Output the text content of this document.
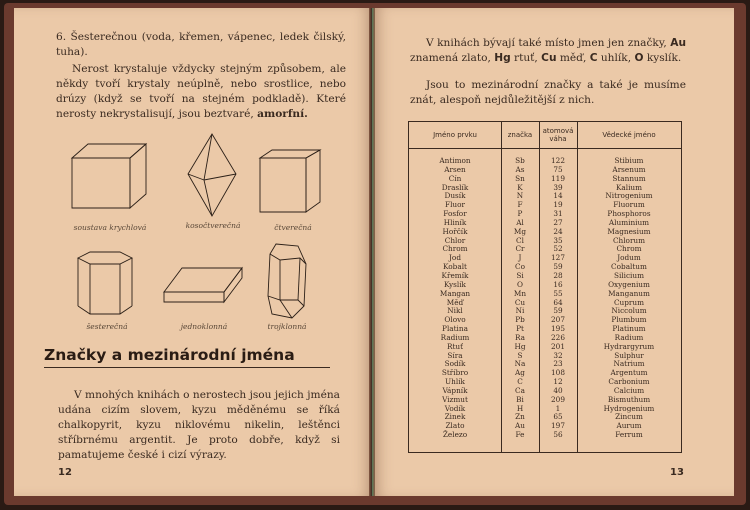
6. Šesterečnou (voda, křemen, vápenec, ledek čilský, tuha).

Nerost krystaluje vždycky stejným způsobem, ale někdy tvoří krystaly neúplně, nebo srostlice, nebo drúzy (když se tvoří na stejném podkladě). Které nerosty nekrystalisují, jsou beztvaré, amorfní.

soustava krychlová	kosočtverečná	čtverečná
šesterečná	jednoklonná	trojklonná
Značky a mezinárodní jména

V mnohých knihách o nerostech jsou jejich jména udána cizím slovem, kyzu měděnému se říká chalkopyrit, kyzu niklovému nikelin, leštěnci stříbrnému argentit. Je proto dobře, když si pamatujeme české i cizí výrazy.

12

V knihách bývají také místo jmen jen značky, Au znamená zlato, Hg rtuť, Cu měď, C uhlík, O kyslík.

Jsou to mezinárodní značky a také je musíme znát, alespoň nejdůležitější z nich.

Jméno prvku	značka	atomová váha	Vědecké jméno
Antimon	Sb	122	Stibium
Arsen	As	75	Arsenum
Cín	Sn	119	Stannum
Draslík	K	39	Kalium
Dusík	N	14	Nitrogenium
Fluor	F	19	Fluorum
Fosfor	P	31	Phosphoros
Hliník	Al	27	Aluminium
Hořčík	Mg	24	Magnesium
Chlor	Cl	35	Chlorum
Chrom	Cr	52	Chrom
Jod	J	127	Jodum
Kobalt	Co	59	Cobaltum
Křemík	Si	28	Silicium
Kyslík	O	16	Oxygenium
Mangan	Mn	55	Manganum
Měď	Cu	64	Cuprum
Nikl	Ni	59	Niccolum
Olovo	Pb	207	Plumbum
Platina	Pt	195	Platinum
Radium	Ra	226	Radium
Rtuť	Hg	201	Hydrargyrum
Síra	S	32	Sulphur
Sodík	Na	23	Natrium
Stříbro	Ag	108	Argentum
Uhlík	C	12	Carbonium
Vápník	Ca	40	Calcium
Vizmut	Bi	209	Bismuthum
Vodík	H	1	Hydrogenium
Zinek	Zn	65	Zincum
Zlato	Au	197	Aurum
Železo	Fe	56	Ferrum
13
